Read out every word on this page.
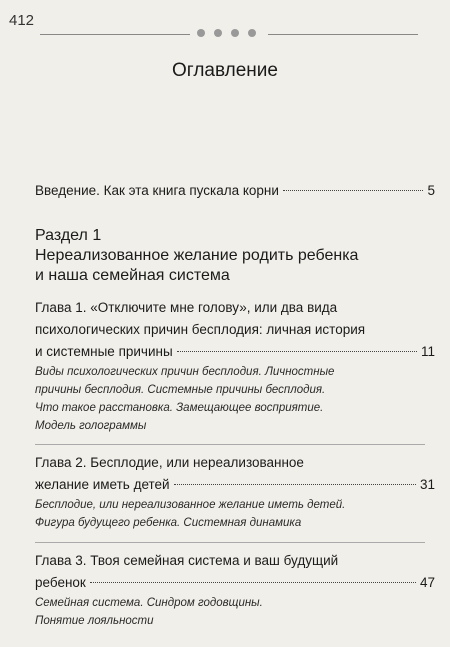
412
Оглавление
Введение. Как эта книга пускала корни	5
Раздел 1
Нереализованное желание родить ребенка
и наша семейная система

Глава 1. «Отключите мне голову», или два вида

психологических причин бесплодия: личная история

и системные причины	11
Виды психологических причин бесплодия. Личностные
причины бесплодия. Системные причины бесплодия.
Что такое расстановка. Замещающее восприятие.
Модель голограммы

Глава 2. Бесплодие, или нереализованное

желание иметь детей	31
Бесплодие, или нереализованное желание иметь детей.
Фигура будущего ребенка. Системная динамика

Глава 3. Твоя семейная система и ваш будущий

ребенок	47
Семейная система. Синдром годовщины.
Понятие лояльности
